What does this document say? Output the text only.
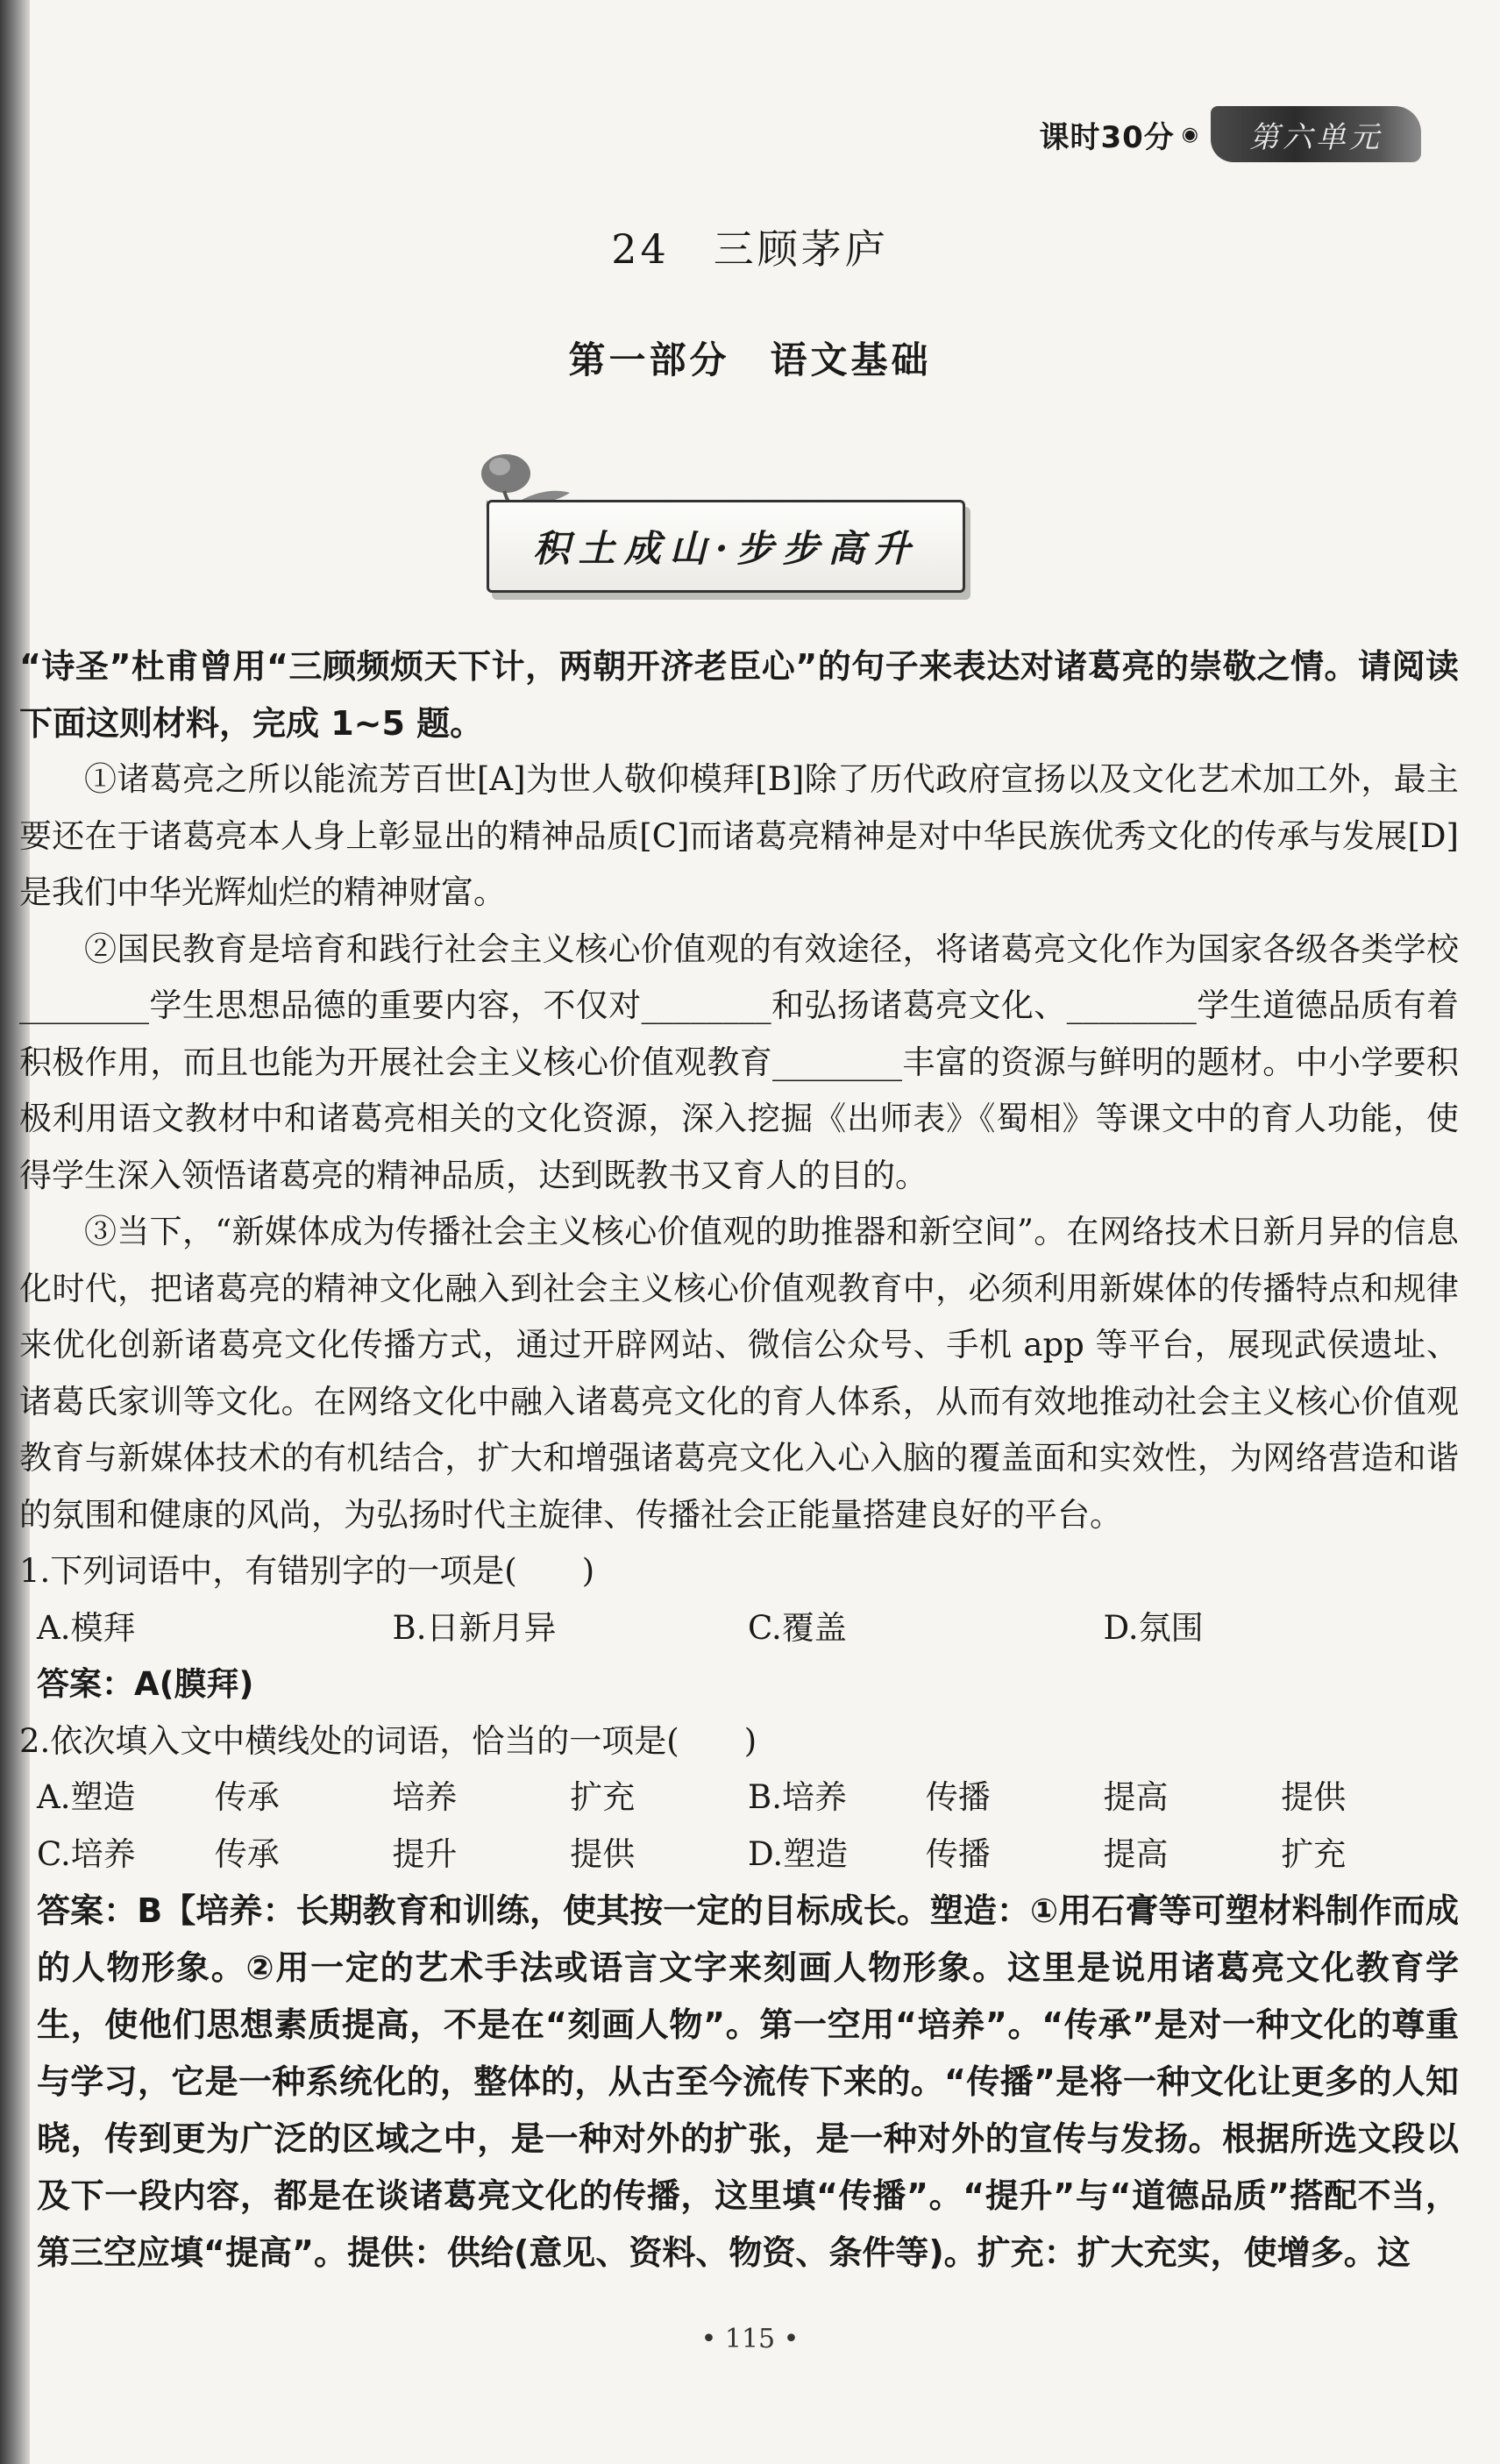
课时30分 ◉	第六单元
24　三顾茅庐
第一部分　语文基础
积土成山·步步高升

“诗圣”杜甫曾用“三顾频烦天下计，两朝开济老臣心”的句子来表达对诸葛亮的崇敬之情。请阅读下面这则材料，完成 1~5 题。

①诸葛亮之所以能流芳百世[A]为世人敬仰模拜[B]除了历代政府宣扬以及文化艺术加工外，最主要还在于诸葛亮本人身上彰显出的精神品质[C]而诸葛亮精神是对中华民族优秀文化的传承与发展[D]是我们中华光辉灿烂的精神财富。

②国民教育是培育和践行社会主义核心价值观的有效途径，将诸葛亮文化作为国家各级各类学校________学生思想品德的重要内容，不仅对________和弘扬诸葛亮文化、________学生道德品质有着积极作用，而且也能为开展社会主义核心价值观教育________丰富的资源与鲜明的题材。中小学要积极利用语文教材中和诸葛亮相关的文化资源，深入挖掘《出师表》《蜀相》等课文中的育人功能，使得学生深入领悟诸葛亮的精神品质，达到既教书又育人的目的。

③当下，“新媒体成为传播社会主义核心价值观的助推器和新空间”。在网络技术日新月异的信息化时代，把诸葛亮的精神文化融入到社会主义核心价值观教育中，必须利用新媒体的传播特点和规律来优化创新诸葛亮文化传播方式，通过开辟网站、微信公众号、手机 app 等平台，展现武侯遗址、诸葛氏家训等文化。在网络文化中融入诸葛亮文化的育人体系，从而有效地推动社会主义核心价值观教育与新媒体技术的有机结合，扩大和增强诸葛亮文化入心入脑的覆盖面和实效性，为网络营造和谐的氛围和健康的风尚，为弘扬时代主旋律、传播社会正能量搭建良好的平台。

1.下列词语中，有错别字的一项是(　　)

A.模拜	B.日新月异	C.覆盖	D.氛围

答案：A(膜拜)

2.依次填入文中横线处的词语，恰当的一项是(　　)

A.塑造	传承	培养	扩充	B.培养	传播	提高	提供
C.培养	传承	提升	提供	D.塑造	传播	提高	扩充

答案：B【培养：长期教育和训练，使其按一定的目标成长。塑造：①用石膏等可塑材料制作而成的人物形象。②用一定的艺术手法或语言文字来刻画人物形象。这里是说用诸葛亮文化教育学生，使他们思想素质提高，不是在“刻画人物”。第一空用“培养”。“传承”是对一种文化的尊重与学习，它是一种系统化的，整体的，从古至今流传下来的。“传播”是将一种文化让更多的人知晓，传到更为广泛的区域之中，是一种对外的扩张，是一种对外的宣传与发扬。根据所选文段以及下一段内容，都是在谈诸葛亮文化的传播，这里填“传播”。“提升”与“道德品质”搭配不当，第三空应填“提高”。提供：供给(意见、资料、物资、条件等)。扩充：扩大充实，使增多。这

• 115 •
